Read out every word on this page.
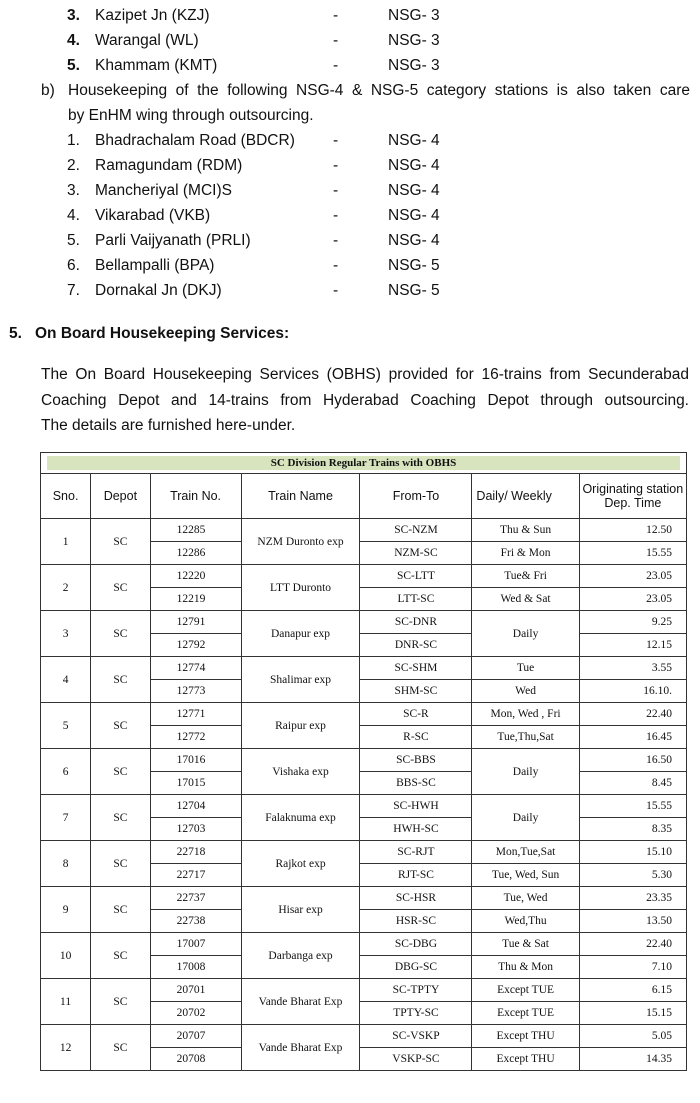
3. Kazipet Jn (KZJ)	-	NSG- 3
4. Warangal (WL)	-	NSG- 3
5. Khammam (KMT)	-	NSG- 3
b) Housekeeping of the following NSG-4 & NSG-5 category stations is also taken care
by EnHM wing through outsourcing.
1. Bhadrachalam Road (BDCR) -	NSG- 4
2. Ramagundam (RDM)	-	NSG- 4
3. Mancheriyal (MCI)S	-	NSG- 4
4. Vikarabad (VKB)	-	NSG- 4
5. Parli Vaijyanath (PRLI)	-	NSG- 4
6. Bellampalli (BPA)	-	NSG- 5
7. Dornakal Jn (DKJ)	-	NSG- 5
5. On Board Housekeeping Services:
The On Board Housekeeping Services (OBHS) provided for 16-trains from Secunderabad
Coaching Depot and 14-trains from Hyderabad Coaching Depot through outsourcing.
The details are furnished here-under.
SC Division Regular Trains with OBHS						

Sno.	Depot	Train No.	Train Name	From-To	Daily/ Weekly	Originating station Dep. Time
1	SC	12285	NZM Duronto exp	SC-NZM	Thu & Sun	12.50
		12286		NZM-SC	Fri & Mon	15.55
2	SC	12220	LTT Duronto	SC-LTT	Tue& Fri	23.05
		12219		LTT-SC	Wed & Sat	23.05
3	SC	12791	Danapur exp	SC-DNR	Daily	9.25
		12792		DNR-SC		12.15
4	SC	12774	Shalimar exp	SC-SHM	Tue	3.55
		12773		SHM-SC	Wed	16.10.
5	SC	12771	Raipur exp	SC-R	Mon, Wed , Fri	22.40
		12772		R-SC	Tue,Thu,Sat	16.45
6	SC	17016	Vishaka exp	SC-BBS	Daily	16.50
		17015		BBS-SC		8.45
7	SC	12704	Falaknuma exp	SC-HWH	Daily	15.55
		12703		HWH-SC		8.35
8	SC	22718	Rajkot exp	SC-RJT	Mon,Tue,Sat	15.10
		22717		RJT-SC	Tue, Wed, Sun	5.30
9	SC	22737	Hisar exp	SC-HSR	Tue, Wed	23.35
		22738		HSR-SC	Wed,Thu	13.50
10	SC	17007	Darbanga exp	SC-DBG	Tue & Sat	22.40
		17008		DBG-SC	Thu & Mon	7.10
11	SC	20701	Vande Bharat Exp	SC-TPTY	Except TUE	6.15
		20702		TPTY-SC	Except TUE	15.15
12	SC	20707	Vande Bharat Exp	SC-VSKP	Except THU	5.05
		20708		VSKP-SC	Except THU	14.35
